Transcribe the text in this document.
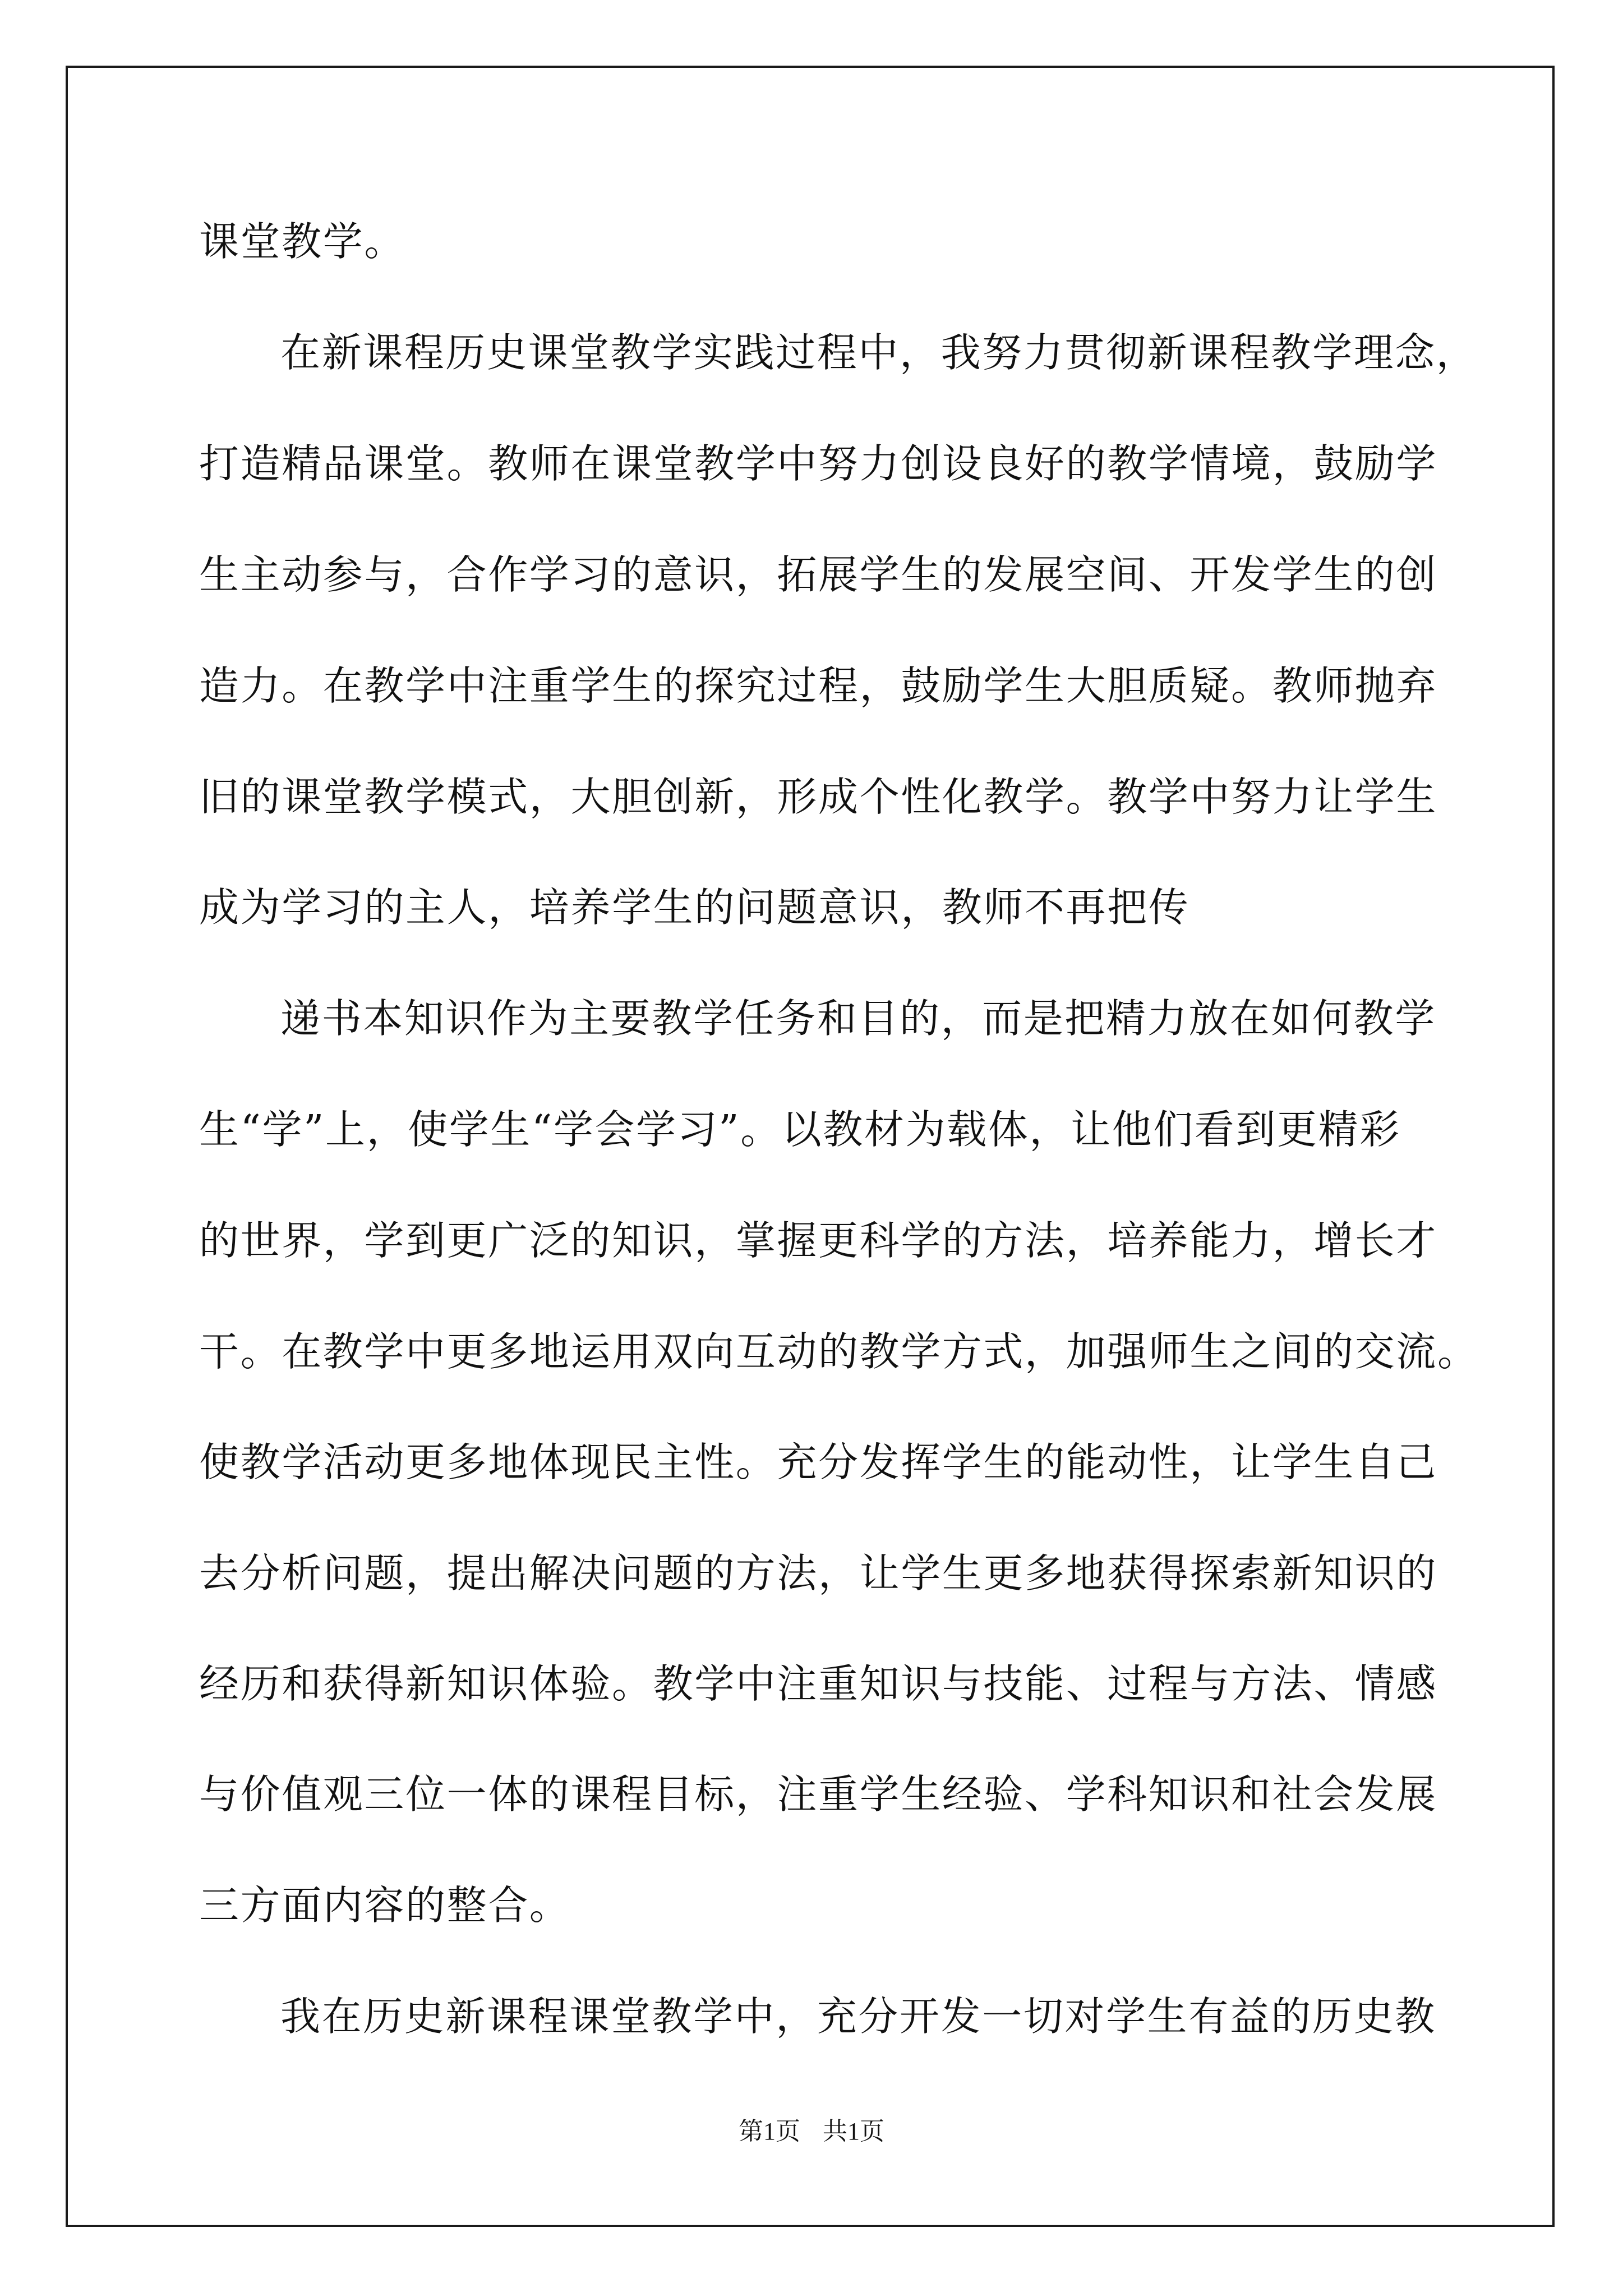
课堂教学。

在新课程历史课堂教学实践过程中，我努力贯彻新课程教学理念，

打造精品课堂。教师在课堂教学中努力创设良好的教学情境，鼓励学

生主动参与，合作学习的意识，拓展学生的发展空间、开发学生的创

造力。在教学中注重学生的探究过程，鼓励学生大胆质疑。教师抛弃

旧的课堂教学模式，大胆创新，形成个性化教学。教学中努力让学生

成为学习的主人，培养学生的问题意识，教师不再把传

递书本知识作为主要教学任务和目的，而是把精力放在如何教学

生“学”上，使学生“学会学习”。以教材为载体，让他们看到更精彩

的世界，学到更广泛的知识，掌握更科学的方法，培养能力，增长才

干。在教学中更多地运用双向互动的教学方式，加强师生之间的交流。

使教学活动更多地体现民主性。充分发挥学生的能动性，让学生自己

去分析问题，提出解决问题的方法，让学生更多地获得探索新知识的

经历和获得新知识体验。教学中注重知识与技能、过程与方法、情感

与价值观三位一体的课程目标，注重学生经验、学科知识和社会发展

三方面内容的整合。

我在历史新课程课堂教学中，充分开发一切对学生有益的历史教

第1页 共1页
